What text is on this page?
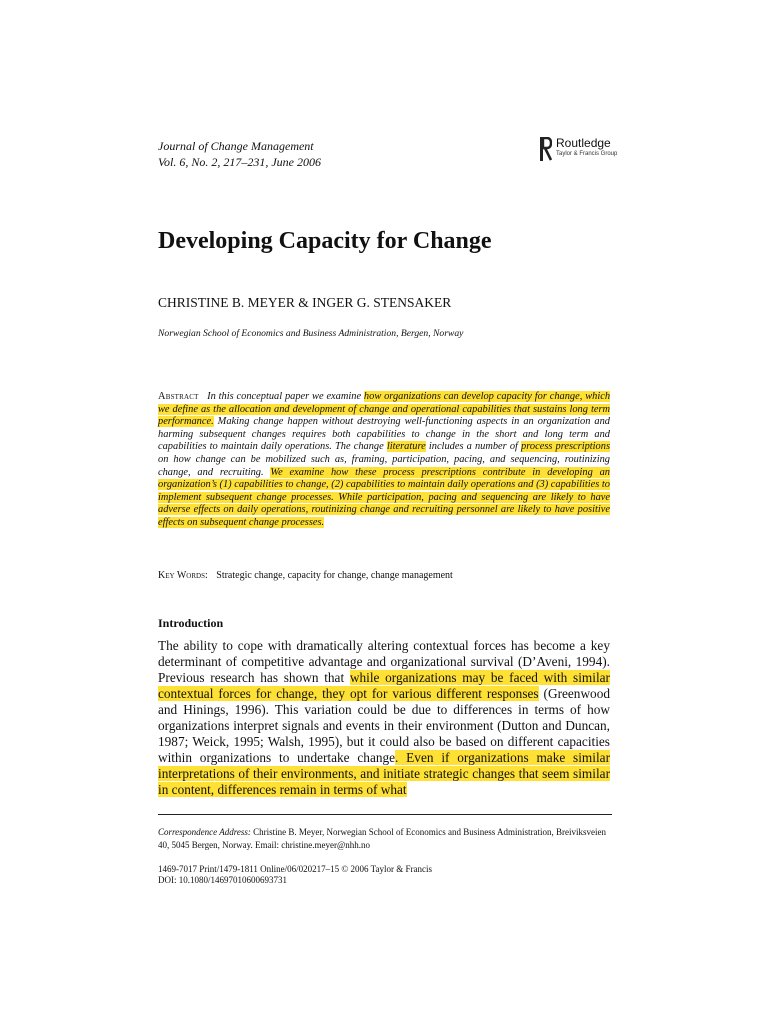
Journal of Change Management
Vol. 6, No. 2, 217–231, June 2006
Routledge
Taylor & Francis Group
Developing Capacity for Change
CHRISTINE B. MEYER & INGER G. STENSAKER
Norwegian School of Economics and Business Administration, Bergen, Norway

Abstract In this conceptual paper we examine how organizations can develop capacity for change, which we define as the allocation and development of change and operational capabilities that sustains long term performance. Making change happen without destroying well-functioning aspects in an organization and harming subsequent changes requires both capabilities to change in the short and long term and capabilities to maintain daily operations. The change literature includes a number of process prescriptions on how change can be mobilized such as, framing, participation, pacing, and sequencing, routinizing change, and recruiting. We examine how these process prescriptions contribute in developing an organization’s (1) capabilities to change, (2) capabilities to maintain daily operations and (3) capabilities to implement subsequent change processes. While participation, pacing and sequencing are likely to have adverse effects on daily operations, routinizing change and recruiting personnel are likely to have positive effects on subsequent change processes.

Key Words: Strategic change, capacity for change, change management
Introduction

The ability to cope with dramatically altering contextual forces has become a key determinant of competitive advantage and organizational survival (D’Aveni, 1994). Previous research has shown that while organizations may be faced with similar contextual forces for change, they opt for various different responses (Greenwood and Hinings, 1996). This variation could be due to differences in terms of how organizations interpret signals and events in their environment (Dutton and Duncan, 1987; Weick, 1995; Walsh, 1995), but it could also be based on different capacities within organizations to undertake change. Even if organizations make similar interpretations of their environments, and initiate strategic changes that seem similar in content, differences remain in terms of what

Correspondence Address: Christine B. Meyer, Norwegian School of Economics and Business Administration, Breiviksveien 40, 5045 Bergen, Norway. Email: christine.meyer@nhh.no

1469-7017 Print/1479-1811 Online/06/020217–15 © 2006 Taylor & Francis
DOI: 10.1080/14697010600693731
